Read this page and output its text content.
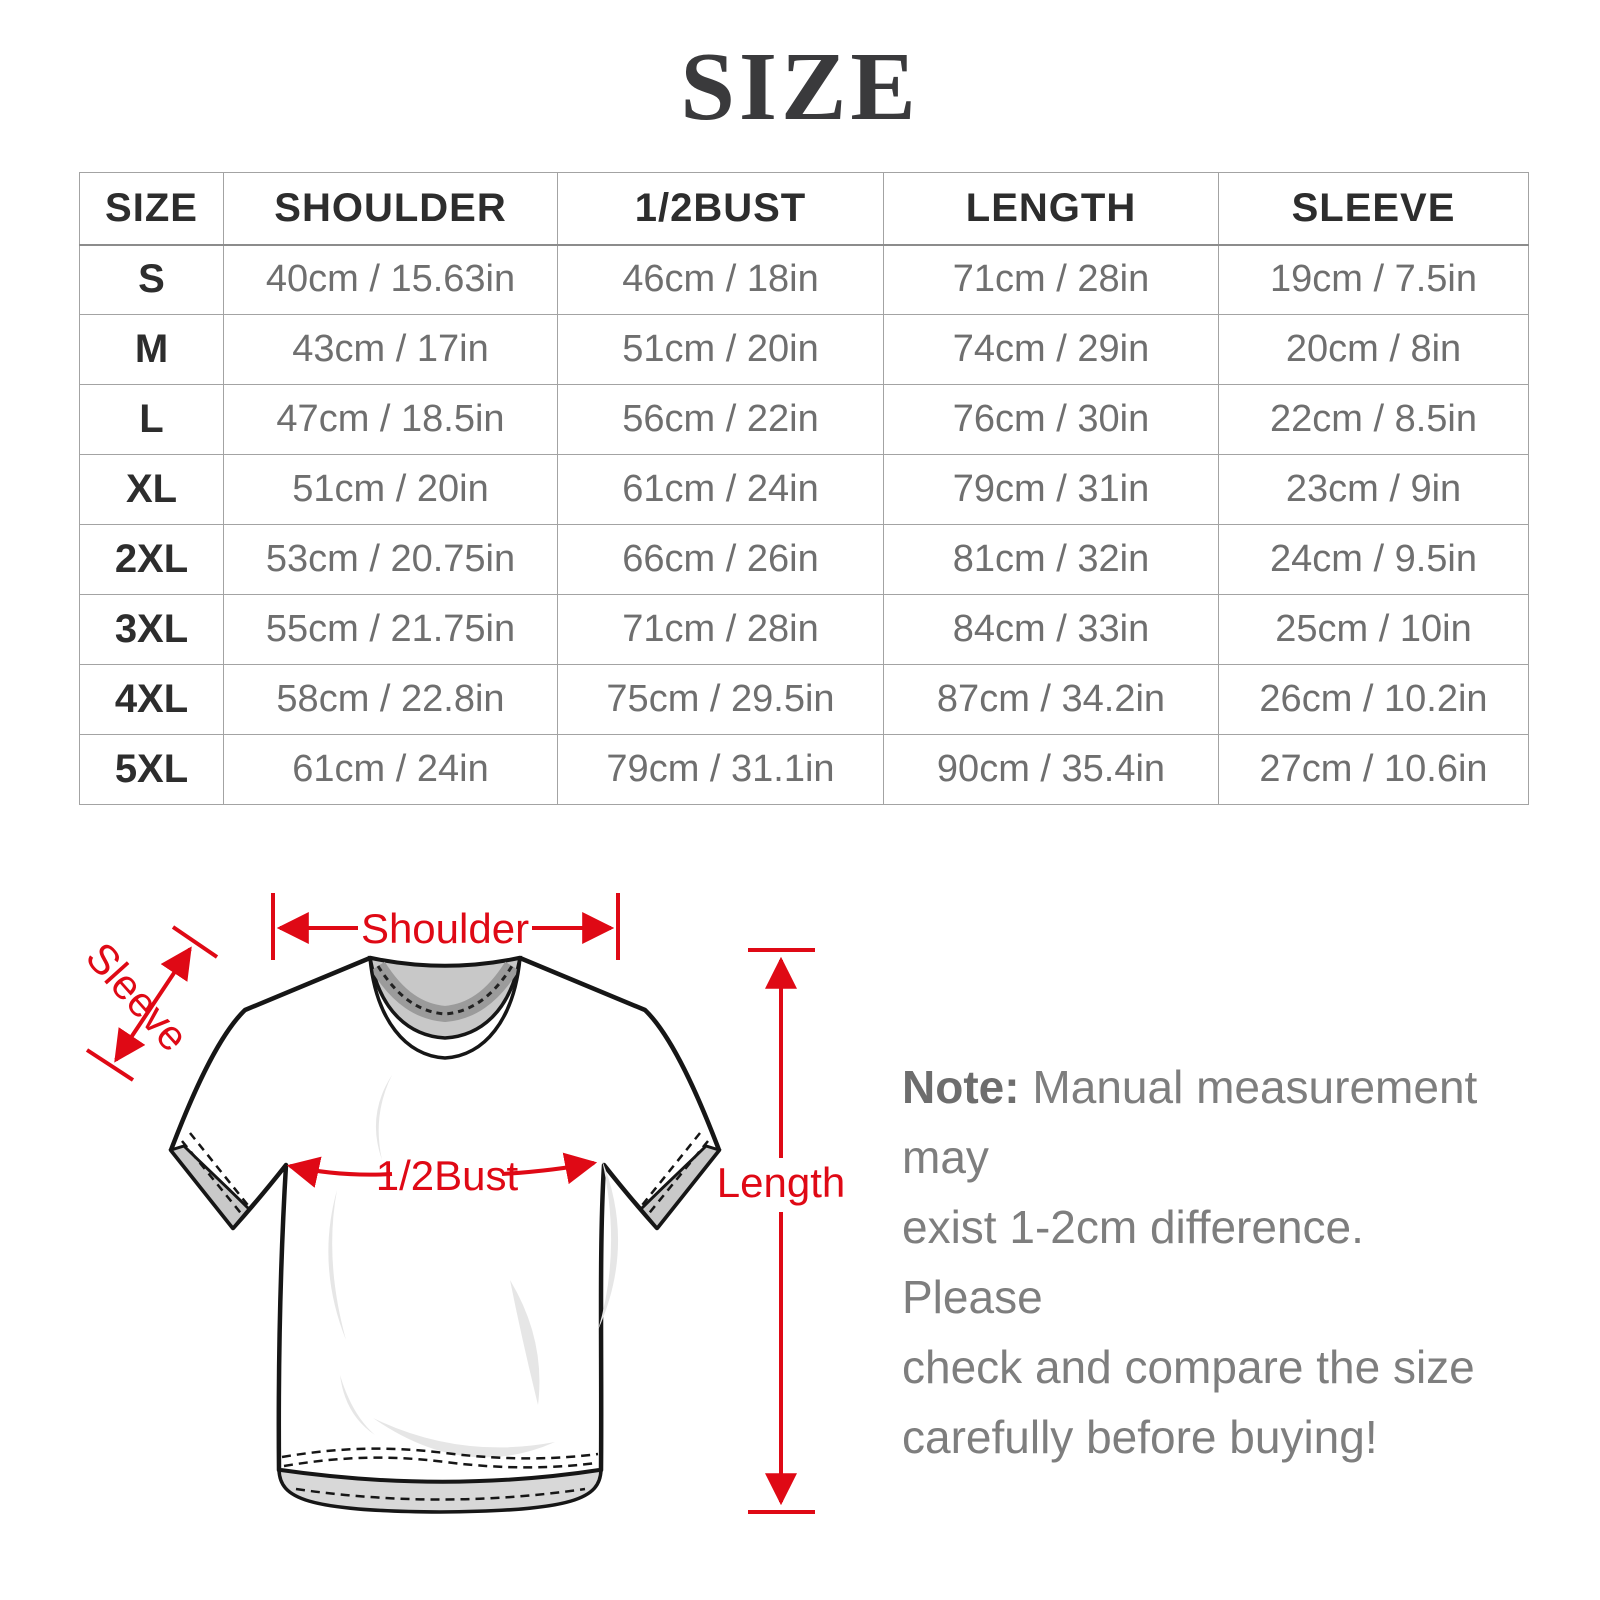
SIZE
SIZE	SHOULDER	1/2BUST	LENGTH	SLEEVE
S	40cm / 15.63in	46cm / 18in	71cm / 28in	19cm / 7.5in
M	43cm / 17in	51cm / 20in	74cm / 29in	20cm / 8in
L	47cm / 18.5in	56cm / 22in	76cm / 30in	22cm / 8.5in
XL	51cm / 20in	61cm / 24in	79cm / 31in	23cm / 9in
2XL	53cm / 20.75in	66cm / 26in	81cm / 32in	24cm / 9.5in
3XL	55cm / 21.75in	71cm / 28in	84cm / 33in	25cm / 10in
4XL	58cm / 22.8in	75cm / 29.5in	87cm / 34.2in	26cm / 10.2in
5XL	61cm / 24in	79cm / 31.1in	90cm / 35.4in	27cm / 10.6in
Shoulder
Sleeve
1/2Bust	Length
Note: Manual measurement may
exist 1-2cm difference. Please
check and compare the size
carefully before buying!
